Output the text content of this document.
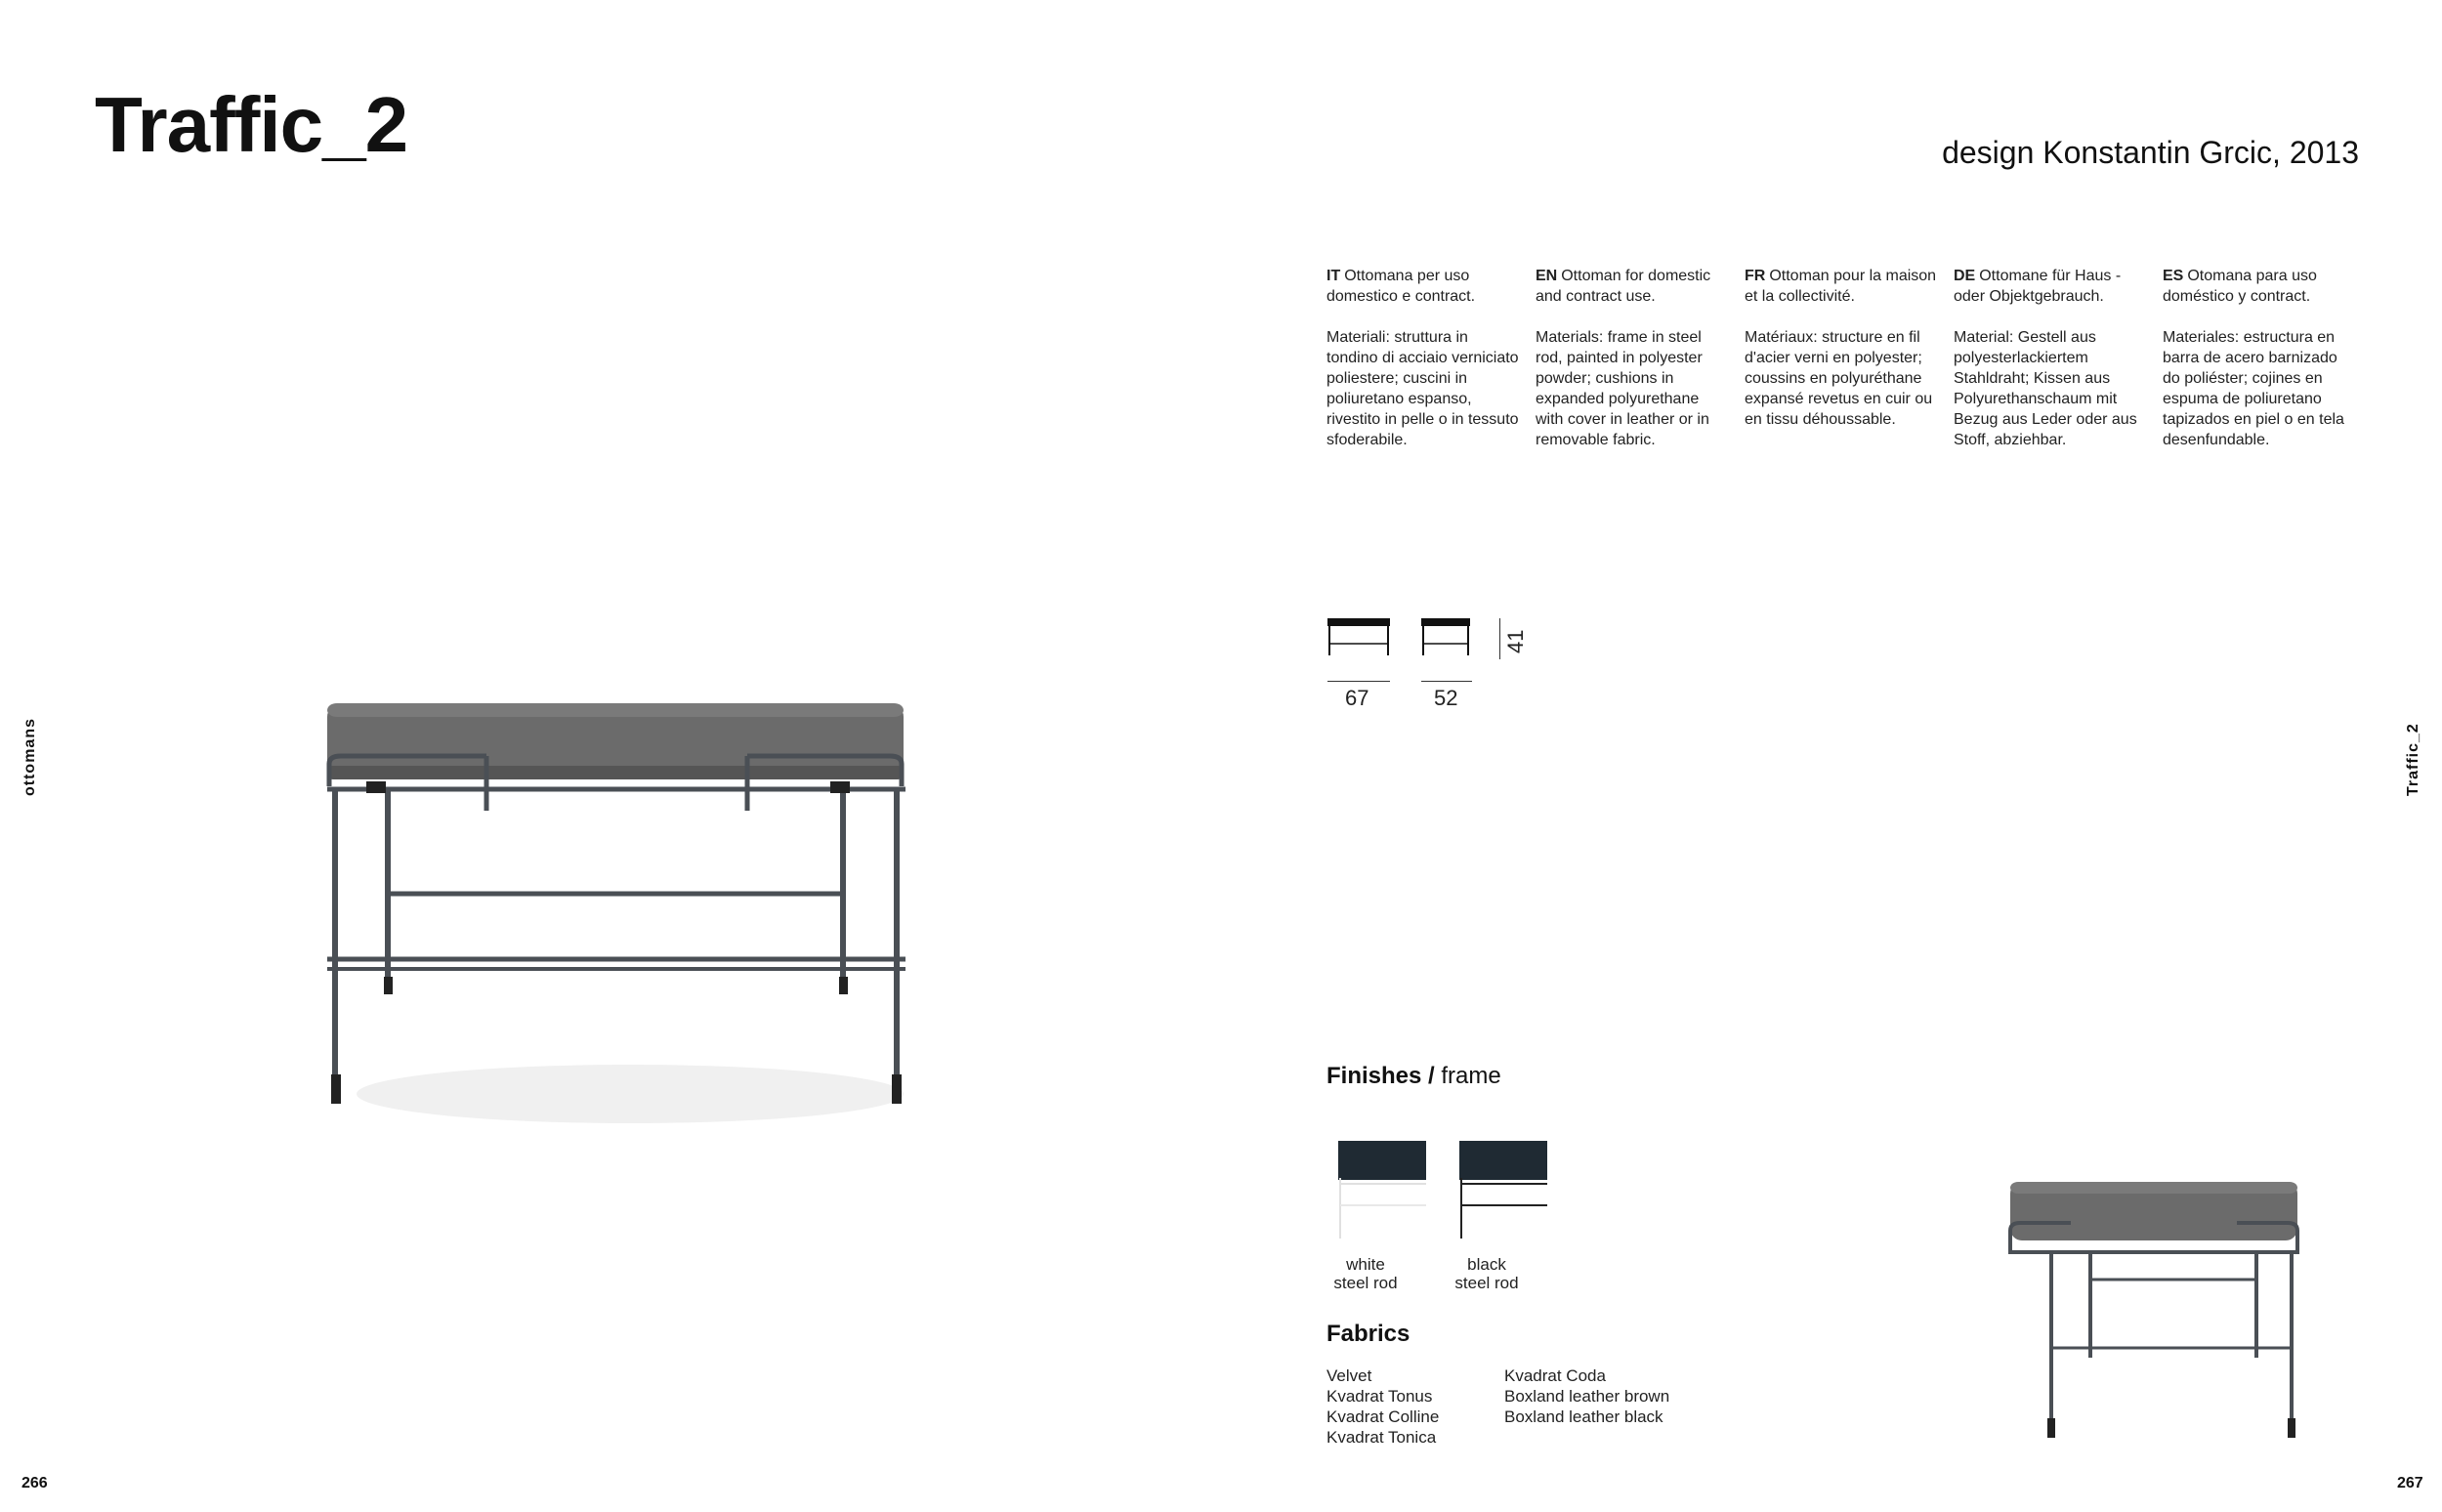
Traffic_2	design Konstantin Grcic, 2013
ottomans	Traffic_2
266	267
IT Ottomana per uso domestico e contract.
Materiali: struttura in tondino di acciaio verniciato poliestere; cuscini in poliuretano espanso, rivestito in pelle o in tessuto sfoderabile.
EN Ottoman for domestic and contract use.
Materials: frame in steel rod, painted in polyester powder; cushions in expanded polyurethane with cover in leather or in removable fabric.
FR Ottoman pour la maison et la collectivité.
Matériaux: structure en fil d'acier verni en polyester; coussins en polyuréthane expansé revetus en cuir ou en tissu déhoussable.
DE Ottomane für Haus - oder Objektgebrauch.
Material: Gestell aus polyesterlackiertem Stahldraht; Kissen aus Polyurethanschaum mit Bezug aus Leder oder aus Stoff, abziehbar.
ES Otomana para uso doméstico y contract.
Materiales: estructura en barra de acero barnizado do poliéster; cojines en espuma de poliuretano tapizados en piel o en tela desenfundable.
41
67	52
Finishes / frame
white
steel rod
black
steel rod
Fabrics
Velvet
Kvadrat Tonus
Kvadrat Colline
Kvadrat Tonica
Kvadrat Coda
Boxland leather brown
Boxland leather black
